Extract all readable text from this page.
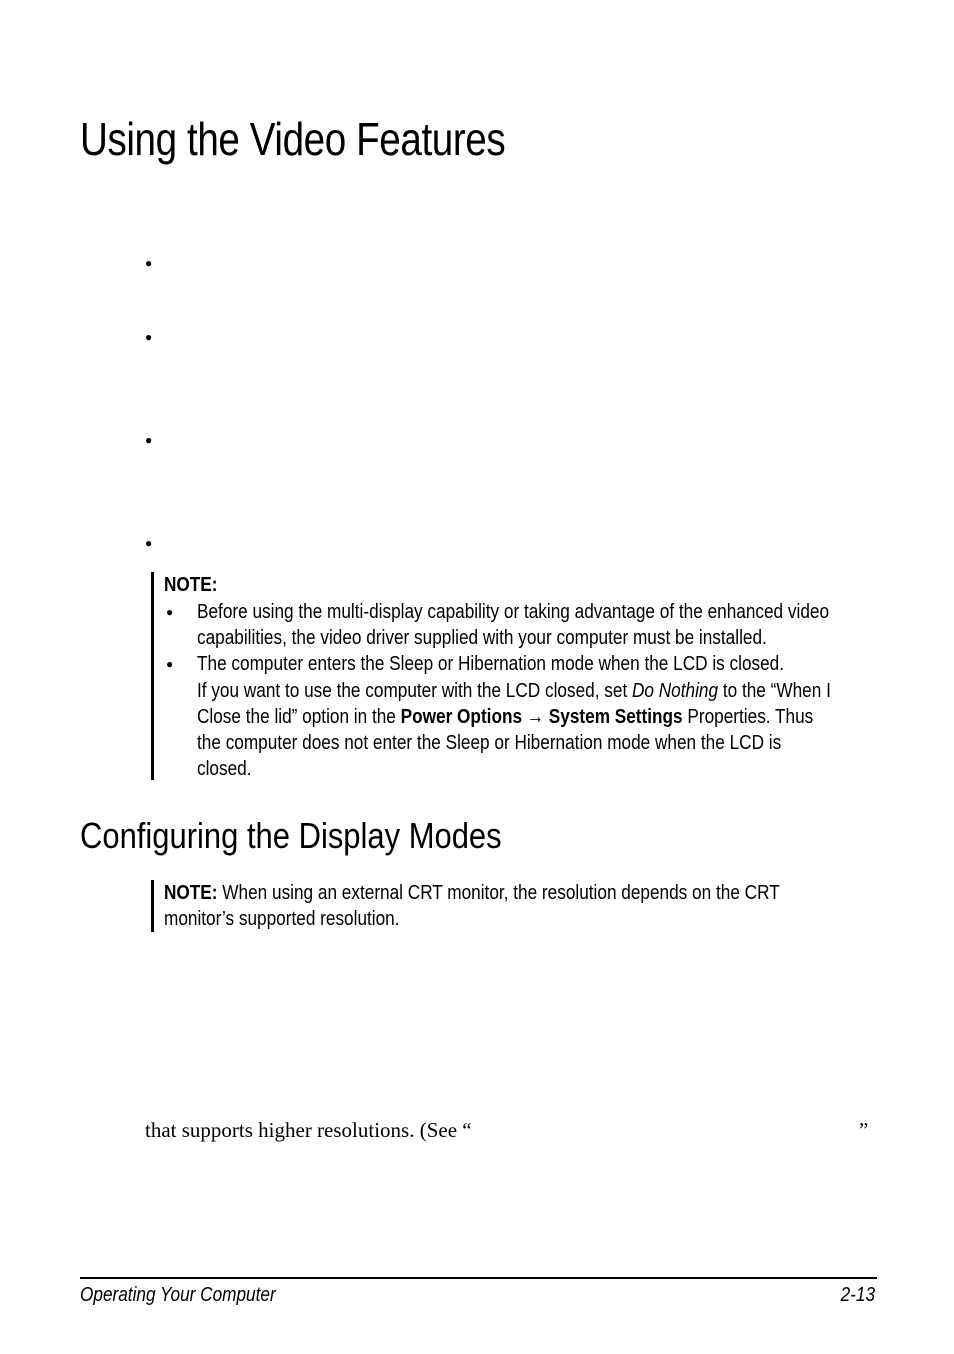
Using the Video Features
●
●
●
●
NOTE:
● Before using the multi-display capability or taking advantage of the enhanced video
capabilities, the video driver supplied with your computer must be installed.
● The computer enters the Sleep or Hibernation mode when the LCD is closed.
If you want to use the computer with the LCD closed, set Do Nothing to the “When I
Close the lid” option in the Power Options → System Settings Properties. Thus
the computer does not enter the Sleep or Hibernation mode when the LCD is
closed.
Configuring the Display Modes
NOTE: When using an external CRT monitor, the resolution depends on the CRT
monitor’s supported resolution.
that supports higher resolutions. (See “	”
Operating Your Computer	2-13
